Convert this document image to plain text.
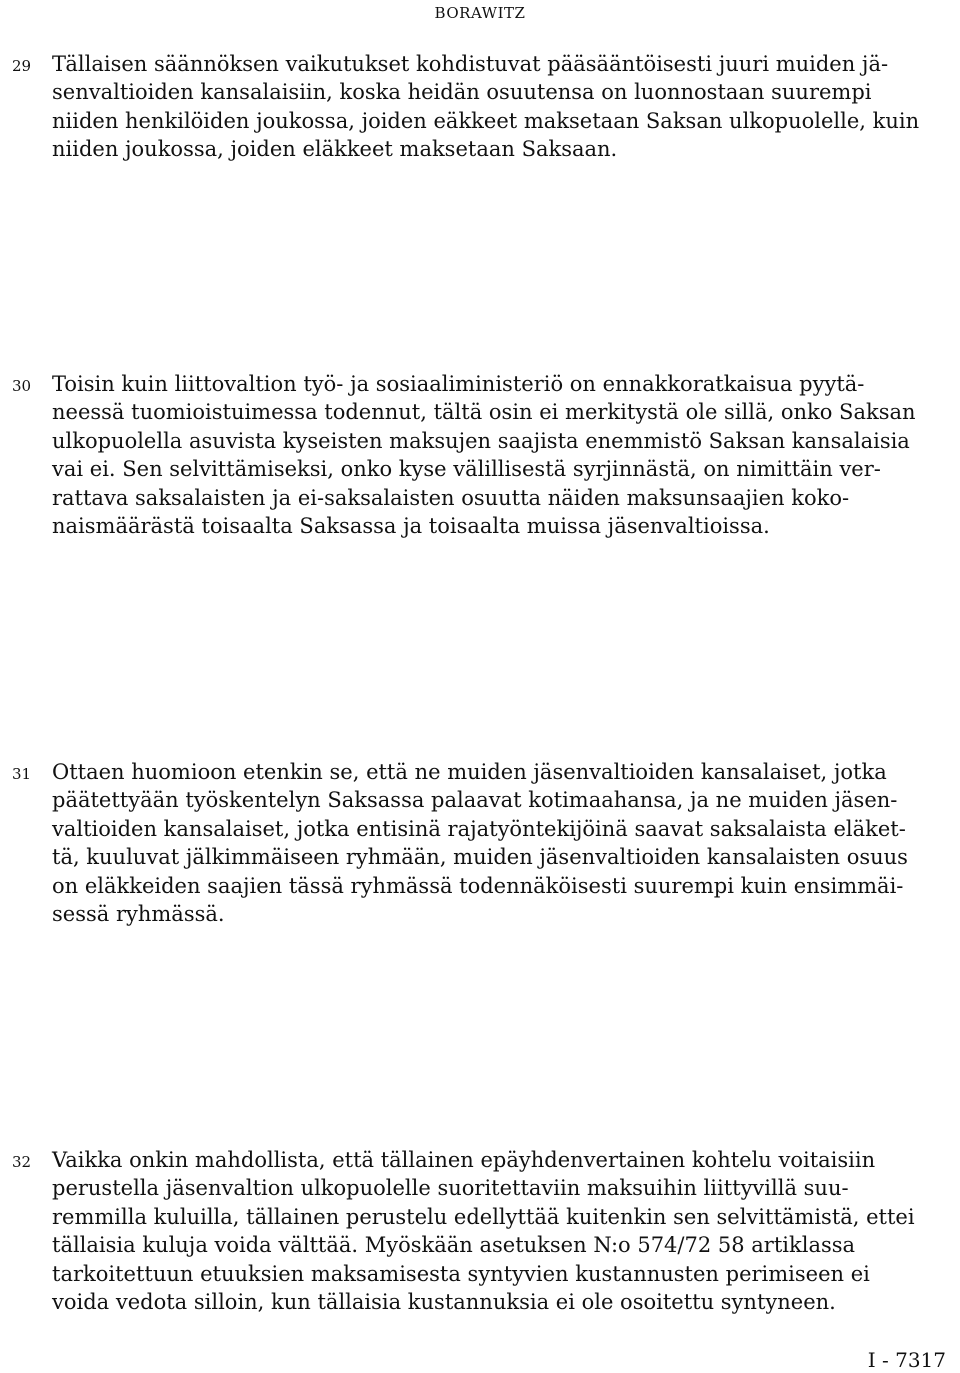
BORAWITZ
29 Tällaisen säännöksen vaikutukset kohdistuvat pääsääntöisesti juuri muiden jä-
senvaltioiden kansalaisiin, koska heidän osuutensa on luonnostaan suurempi
niiden henkilöiden joukossa, joiden eäkkeet maksetaan Saksan ulkopuolelle, kuin
niiden joukossa, joiden eläkkeet maksetaan Saksaan.
30 Toisin kuin liittovaltion työ- ja sosiaaliministeriö on ennakkoratkaisua pyytä-
neessä tuomioistuimessa todennut, tältä osin ei merkitystä ole sillä, onko Saksan
ulkopuolella asuvista kyseisten maksujen saajista enemmistö Saksan kansalaisia
vai ei. Sen selvittämiseksi, onko kyse välillisestä syrjinnästä, on nimittäin ver-
rattava saksalaisten ja ei-saksalaisten osuutta näiden maksunsaajien koko-
naismäärästä toisaalta Saksassa ja toisaalta muissa jäsenvaltioissa.
31 Ottaen huomioon etenkin se, että ne muiden jäsenvaltioiden kansalaiset, jotka
päätettyään työskentelyn Saksassa palaavat kotimaahansa, ja ne muiden jäsen-
valtioiden kansalaiset, jotka entisinä rajatyöntekijöinä saavat saksalaista eläket-
tä, kuuluvat jälkimmäiseen ryhmään, muiden jäsenvaltioiden kansalaisten osuus
on eläkkeiden saajien tässä ryhmässä todennäköisesti suurempi kuin ensimmäi-
sessä ryhmässä.
32 Vaikka onkin mahdollista, että tällainen epäyhdenvertainen kohtelu voitaisiin
perustella jäsenvaltion ulkopuolelle suoritettaviin maksuihin liittyvillä suu-
remmilla kuluilla, tällainen perustelu edellyttää kuitenkin sen selvittämistä, ettei
tällaisia kuluja voida välttää. Myöskään asetuksen N:o 574/72 58 artiklassa
tarkoitettuun etuuksien maksamisesta syntyvien kustannusten perimiseen ei
voida vedota silloin, kun tällaisia kustannuksia ei ole osoitettu syntyneen.
I - 7317
